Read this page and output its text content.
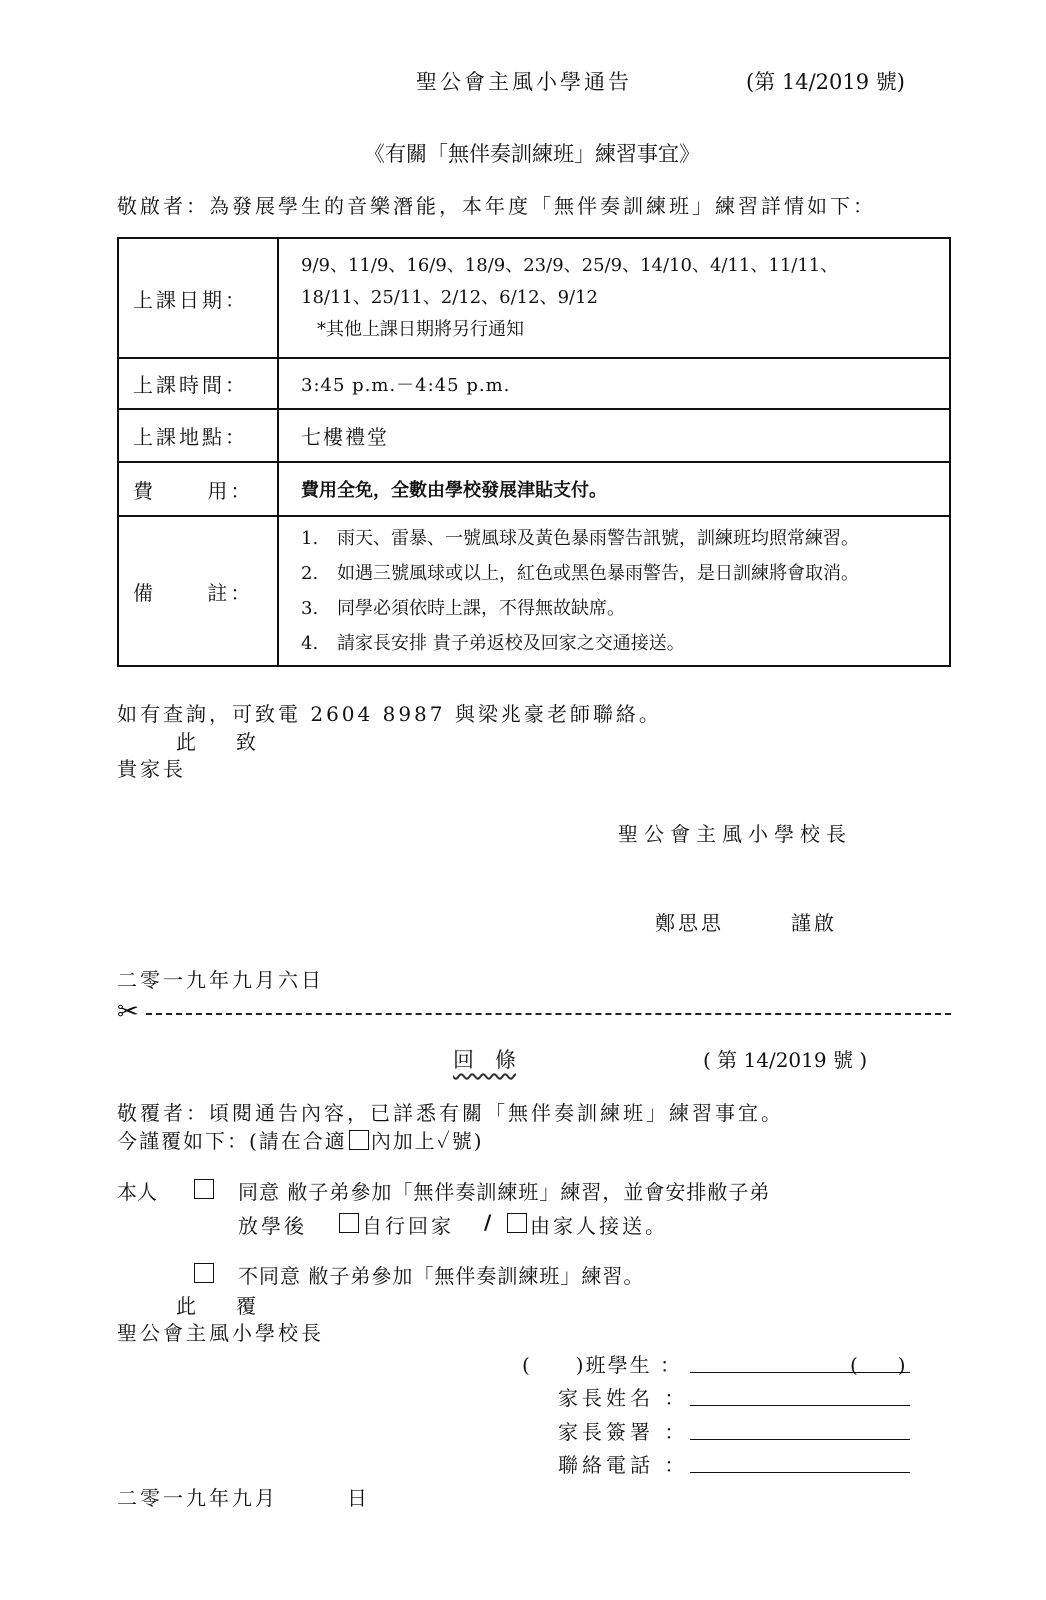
聖公會主風小學通告	(第 14/2019 號)
《有關「無伴奏訓練班」練習事宜》
敬啟者：為發展學生的音樂潛能，本年度「無伴奏訓練班」練習詳情如下：
上課日期：	9/9、11/9、16/9、18/9、23/9、25/9、14/10、4/11、11/11、
18/11、25/11、2/12、6/12、9/12
*其他上課日期將另行通知

上課時間：	3:45 p.m.－4:45 p.m.
上課地點：	七樓禮堂
費 用：	費用全免，全數由學校發展津貼支付。
備 註：	1. 雨天、雷暴、一號風球及黃色暴雨警告訊號，訓練班均照常練習。
2. 如遇三號風球或以上，紅色或黑色暴雨警告，是日訓練將會取消。
3. 同學必須依時上課，不得無故缺席。
4. 請家長安排 貴子弟返校及回家之交通接送。
如有查詢，可致電 2604 8987 與梁兆豪老師聯絡。
此　致
貴家長
聖公會主風小學校長
鄭思思	謹啟
二零一九年九月六日
✂
回　條	( 第 14/2019 號 )
敬覆者：頃閱通告內容，已詳悉有關「無伴奏訓練班」練習事宜。
今謹覆如下：(請在合適 內加上✓號)
本人	同意 敝子弟參加「無伴奏訓練班」練習，並會安排敝子弟
放學後	自行回家 / 由家人接送。
不同意 敝子弟參加「無伴奏訓練班」練習。
此　覆
聖公會主風小學校長
(　　)班學生 ：	(　　)
家長姓名 ：
家長簽署 ：
聯絡電話 ：
二零一九年九月　　　日
